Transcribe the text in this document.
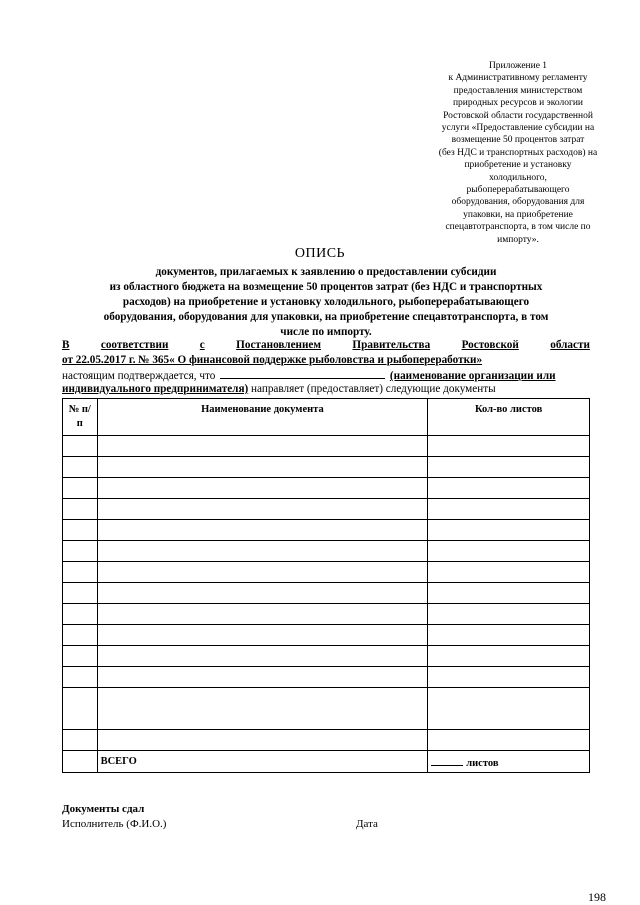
Приложение 1
к Административному регламенту
предоставления министерством
природных ресурсов и экологии
Ростовской области государственной
услуги «Предоставление субсидии на
возмещение 50 процентов затрат
(без НДС и транспортных расходов) на
приобретение и установку
холодильного,
рыбоперерабатывающего
оборудования, оборудования для
упаковки, на приобретение
спецавтотранспорта, в том числе по
импорту».
ОПИСЬ
документов, прилагаемых к заявлению о предоставлении субсидии
из областного бюджета на возмещение 50 процентов затрат (без НДС и транспортных
расходов) на приобретение и установку холодильного, рыбоперерабатывающего
оборудования, оборудования для упаковки, на приобретение спецавтотранспорта, в том
числе по импорту.
В	соответствии	с	Постановлением	Правительства	Ростовской	области
от 22.05.2017 г. № 365« О финансовой поддержке рыболовства и рыбопереработки»
настоящим подтверждается, что	(наименование организации или
индивидуального предпринимателя) направляет (предоставляет) следующие документы
№ п/п	Наименование документа	Кол-во листов

	ВСЕГО	листов
Документы сдал
Исполнитель (Ф.И.О.)	Дата
198
